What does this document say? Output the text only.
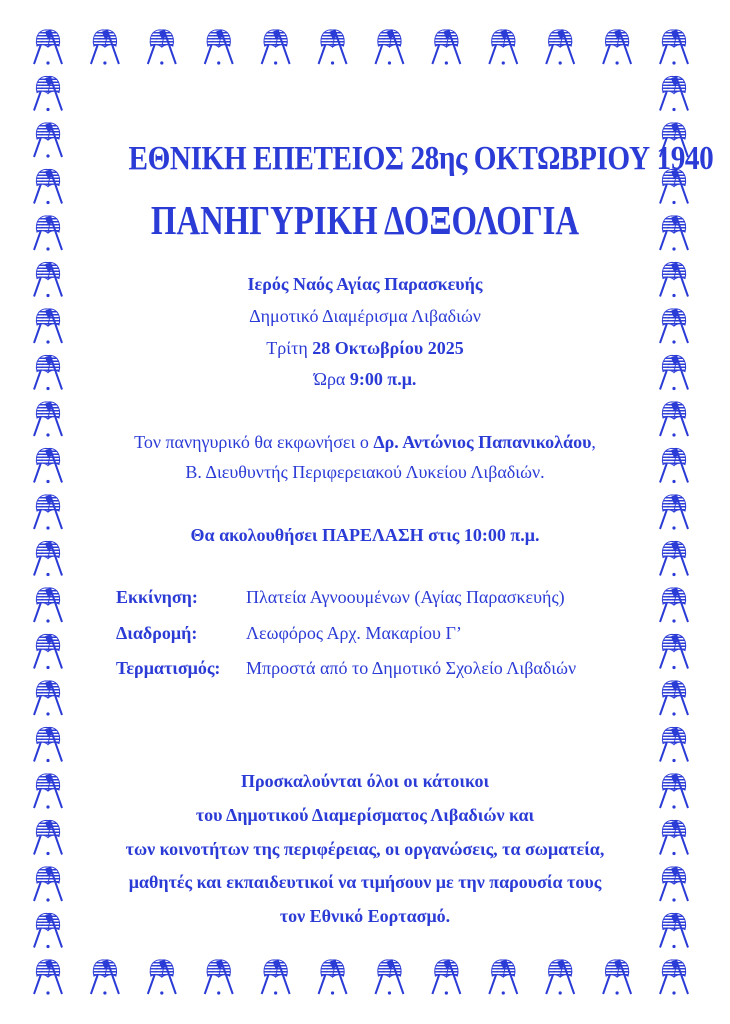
ΕΘΝΙΚΗ ΕΠΕΤΕΙΟΣ 28ης ΟΚΤΩΒΡΙΟΥ 1940
ΠΑΝΗΓΥΡΙΚΗ ΔΟΞΟΛΟΓΙΑ
Ιερός Ναός Αγίας Παρασκευής
Δημοτικό Διαμέρισμα Λιβαδιών
Τρίτη 28 Οκτωβρίου 2025
Ώρα 9:00 π.μ.
Τον πανηγυρικό θα εκφωνήσει ο Δρ. Αντώνιος Παπανικολάου,
Β. Διευθυντής Περιφερειακού Λυκείου Λιβαδιών.
Θα ακολουθήσει ΠΑΡΕΛΑΣΗ στις 10:00 π.μ.
Εκκίνηση:	Πλατεία Αγνοουμένων (Αγίας Παρασκευής)
Διαδρομή:	Λεωφόρος Αρχ. Μακαρίου Γ’
Τερματισμός: Μπροστά από το Δημοτικό Σχολείο Λιβαδιών
Προσκαλούνται όλοι οι κάτοικοι
του Δημοτικού Διαμερίσματος Λιβαδιών και
των κοινοτήτων της περιφέρειας, οι οργανώσεις, τα σωματεία,
μαθητές και εκπαιδευτικοί να τιμήσουν με την παρουσία τους
τον Εθνικό Εορτασμό.
